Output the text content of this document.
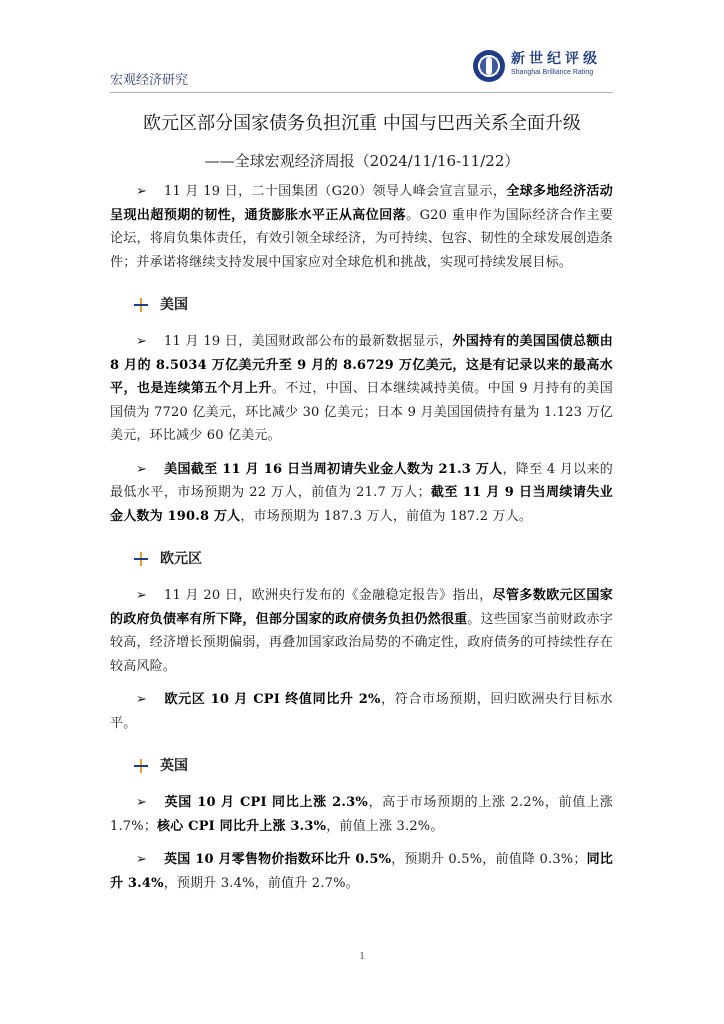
宏观经济研究
新世纪评级
Shanghai Brilliance Rating
欧元区部分国家债务负担沉重 中国与巴西关系全面升级
——全球宏观经济周报（2024/11/16-11/22）

➢ 11 月 19 日，二十国集团（G20）领导人峰会宣言显示，全球多地经济活动呈现出超预期的韧性，通货膨胀水平正从高位回落。G20 重申作为国际经济合作主要论坛，将肩负集体责任，有效引领全球经济，为可持续、包容、韧性的全球发展创造条件；并承诺将继续支持发展中国家应对全球危机和挑战，实现可持续发展目标。

美国

➢ 11 月 19 日，美国财政部公布的最新数据显示，外国持有的美国国债总额由 8 月的 8.5034 万亿美元升至 9 月的 8.6729 万亿美元，这是有记录以来的最高水平，也是连续第五个月上升。不过，中国、日本继续减持美债。中国 9 月持有的美国国债为 7720 亿美元，环比减少 30 亿美元；日本 9 月美国国债持有量为 1.123 万亿美元，环比减少 60 亿美元。

➢ 美国截至 11 月 16 日当周初请失业金人数为 21.3 万人，降至 4 月以来的最低水平，市场预期为 22 万人，前值为 21.7 万人；截至 11 月 9 日当周续请失业金人数为 190.8 万人，市场预期为 187.3 万人，前值为 187.2 万人。

欧元区

➢ 11 月 20 日，欧洲央行发布的《金融稳定报告》指出，尽管多数欧元区国家的政府负债率有所下降，但部分国家的政府债务负担仍然很重。这些国家当前财政赤字较高，经济增长预期偏弱，再叠加国家政治局势的不确定性，政府债务的可持续性存在较高风险。

➢ 欧元区 10 月 CPI 终值同比升 2%，符合市场预期，回归欧洲央行目标水平。

英国

➢ 英国 10 月 CPI 同比上涨 2.3%，高于市场预期的上涨 2.2%，前值上涨 1.7%；核心 CPI 同比升上涨 3.3%，前值上涨 3.2%。

➢ 英国 10 月零售物价指数环比升 0.5%，预期升 0.5%，前值降 0.3%；同比升 3.4%，预期升 3.4%，前值升 2.7%。

1
